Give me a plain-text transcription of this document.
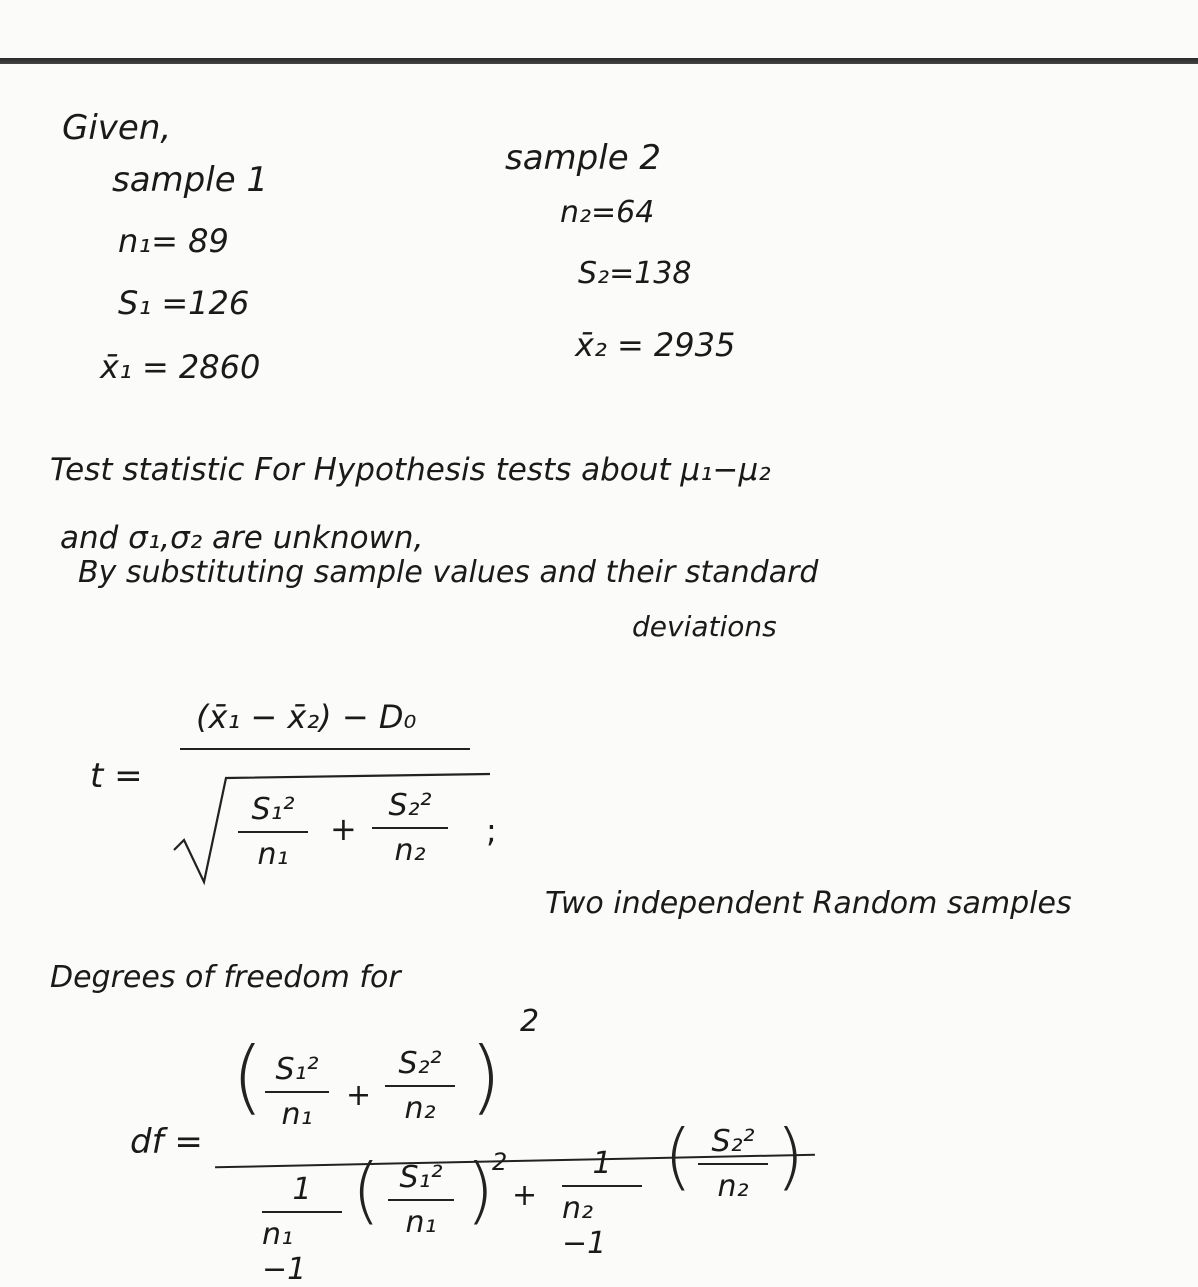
Given,
sample 1
n₁= 89
S₁ =126
x̄₁ = 2860
sample 2
n₂=64
S₂=138
x̄₂ = 2935
Test statistic For Hypothesis tests about μ₁−μ₂
and σ₁,σ₂ are unknown,
By substituting sample values and their standard
deviations
t =
(x̄₁ − x̄₂) − D₀
S₁²
n₁
+
S₂²
n₂
;
Two independent Random samples
Degrees of freedom for
df =
( S₁²
n₁
+
S₂²
n₂ )
2
1
n₁ −1
( S₁²
n₁ )
2
+
1
n₂ −1
( S₂²
n₂ )
